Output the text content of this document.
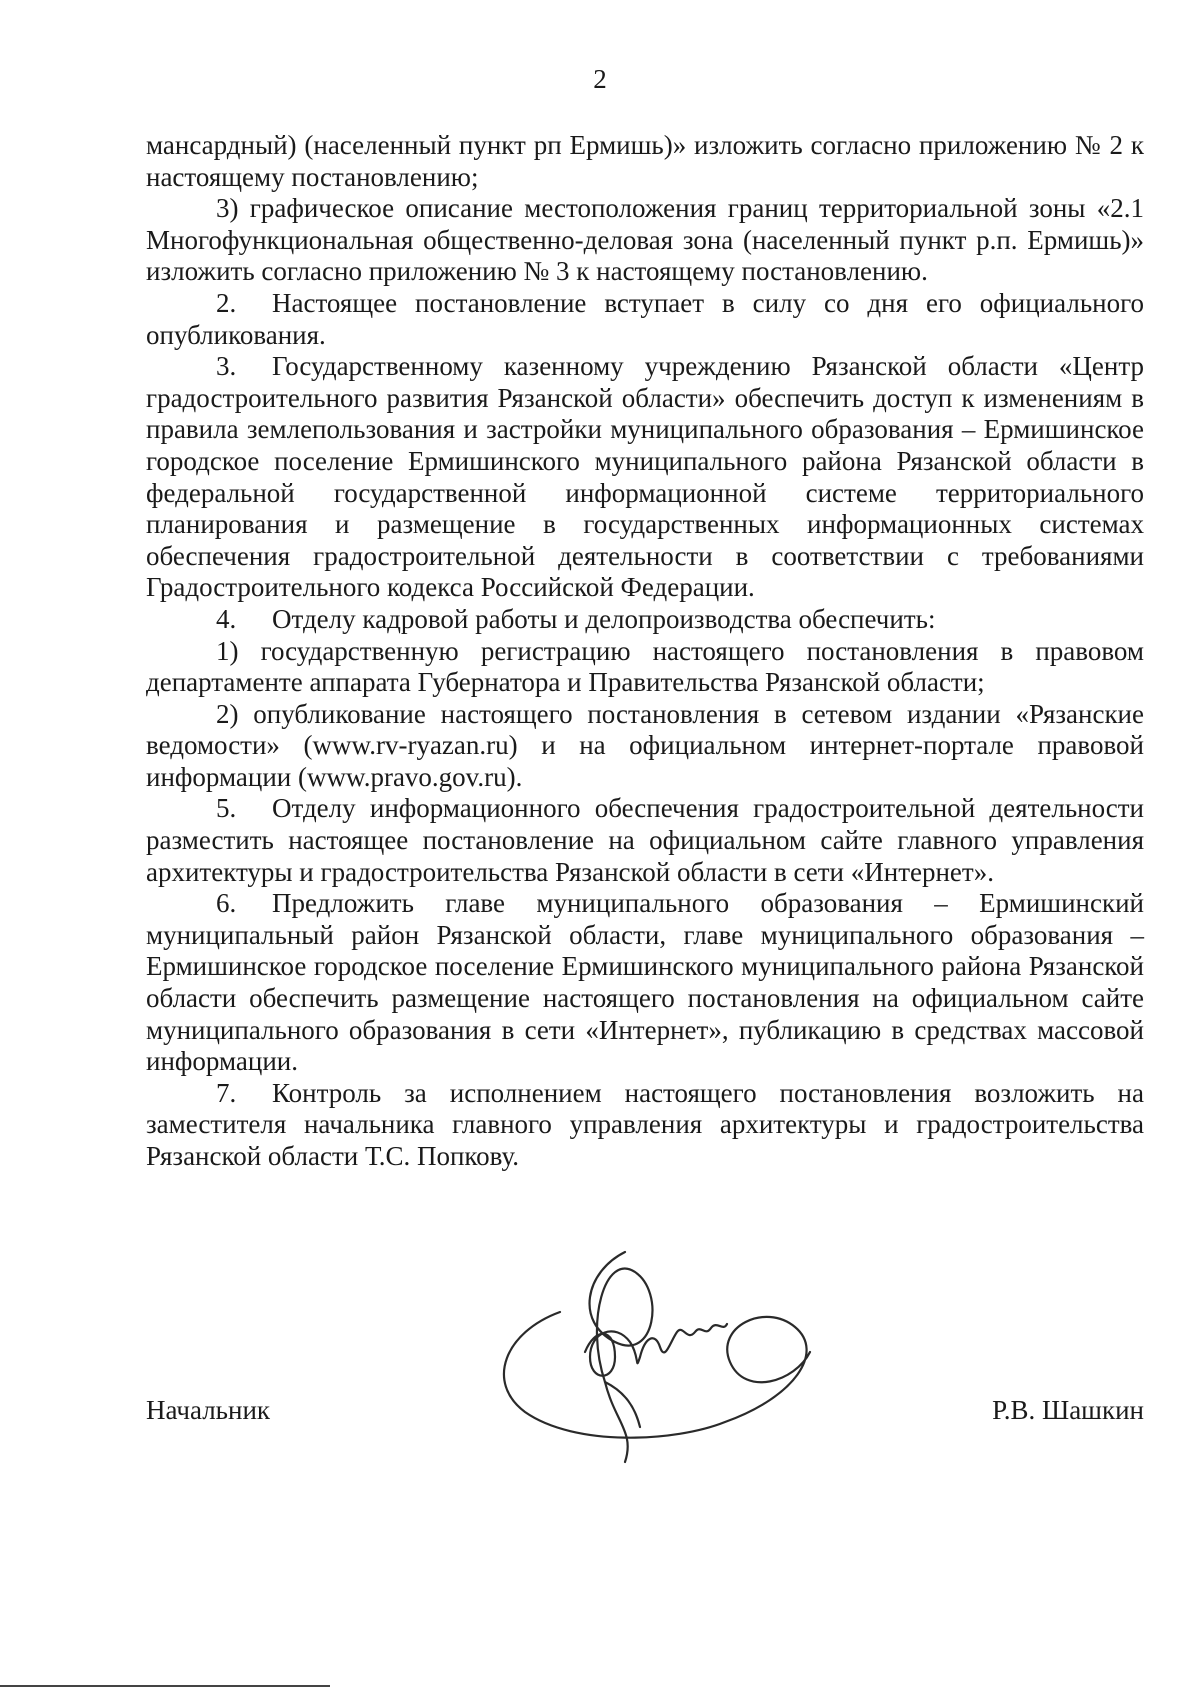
2

мансардный) (населенный пункт рп Ермишь)» изложить согласно приложению № 2 к настоящему постановлению;

3) графическое описание местоположения границ территориальной зоны «2.1 Многофункциональная общественно-деловая зона (населенный пункт р.п. Ермишь)» изложить согласно приложению № 3 к настоящему постановлению.

2. Настоящее постановление вступает в силу со дня его официального опубликования.

3. Государственному казенному учреждению Рязанской области «Центр градостроительного развития Рязанской области» обеспечить доступ к изменениям в правила землепользования и застройки муниципального образования – Ермишинское городское поселение Ермишинского муниципального района Рязанской области в федеральной государственной информационной системе территориального планирования и размещение в государственных информационных системах обеспечения градостроительной деятельности в соответствии с требованиями Градостроительного кодекса Российской Федерации.

4. Отделу кадровой работы и делопроизводства обеспечить:

1) государственную регистрацию настоящего постановления в правовом департаменте аппарата Губернатора и Правительства Рязанской области;

2) опубликование настоящего постановления в сетевом издании «Рязанские ведомости» (www.rv-ryazan.ru) и на официальном интернет-портале правовой информации (www.pravo.gov.ru).

5. Отделу информационного обеспечения градостроительной деятельности разместить настоящее постановление на официальном сайте главного управления архитектуры и градостроительства Рязанской области в сети «Интернет».

6. Предложить главе муниципального образования – Ермишинский муниципальный район Рязанской области, главе муниципального образования – Ермишинское городское поселение Ермишинского муниципального района Рязанской области обеспечить размещение настоящего постановления на официальном сайте муниципального образования в сети «Интернет», публикацию в средствах массовой информации.

7. Контроль за исполнением настоящего постановления возложить на заместителя начальника главного управления архитектуры и градостроительства Рязанской области Т.С. Попкову.

Начальник	Р.В. Шашкин
